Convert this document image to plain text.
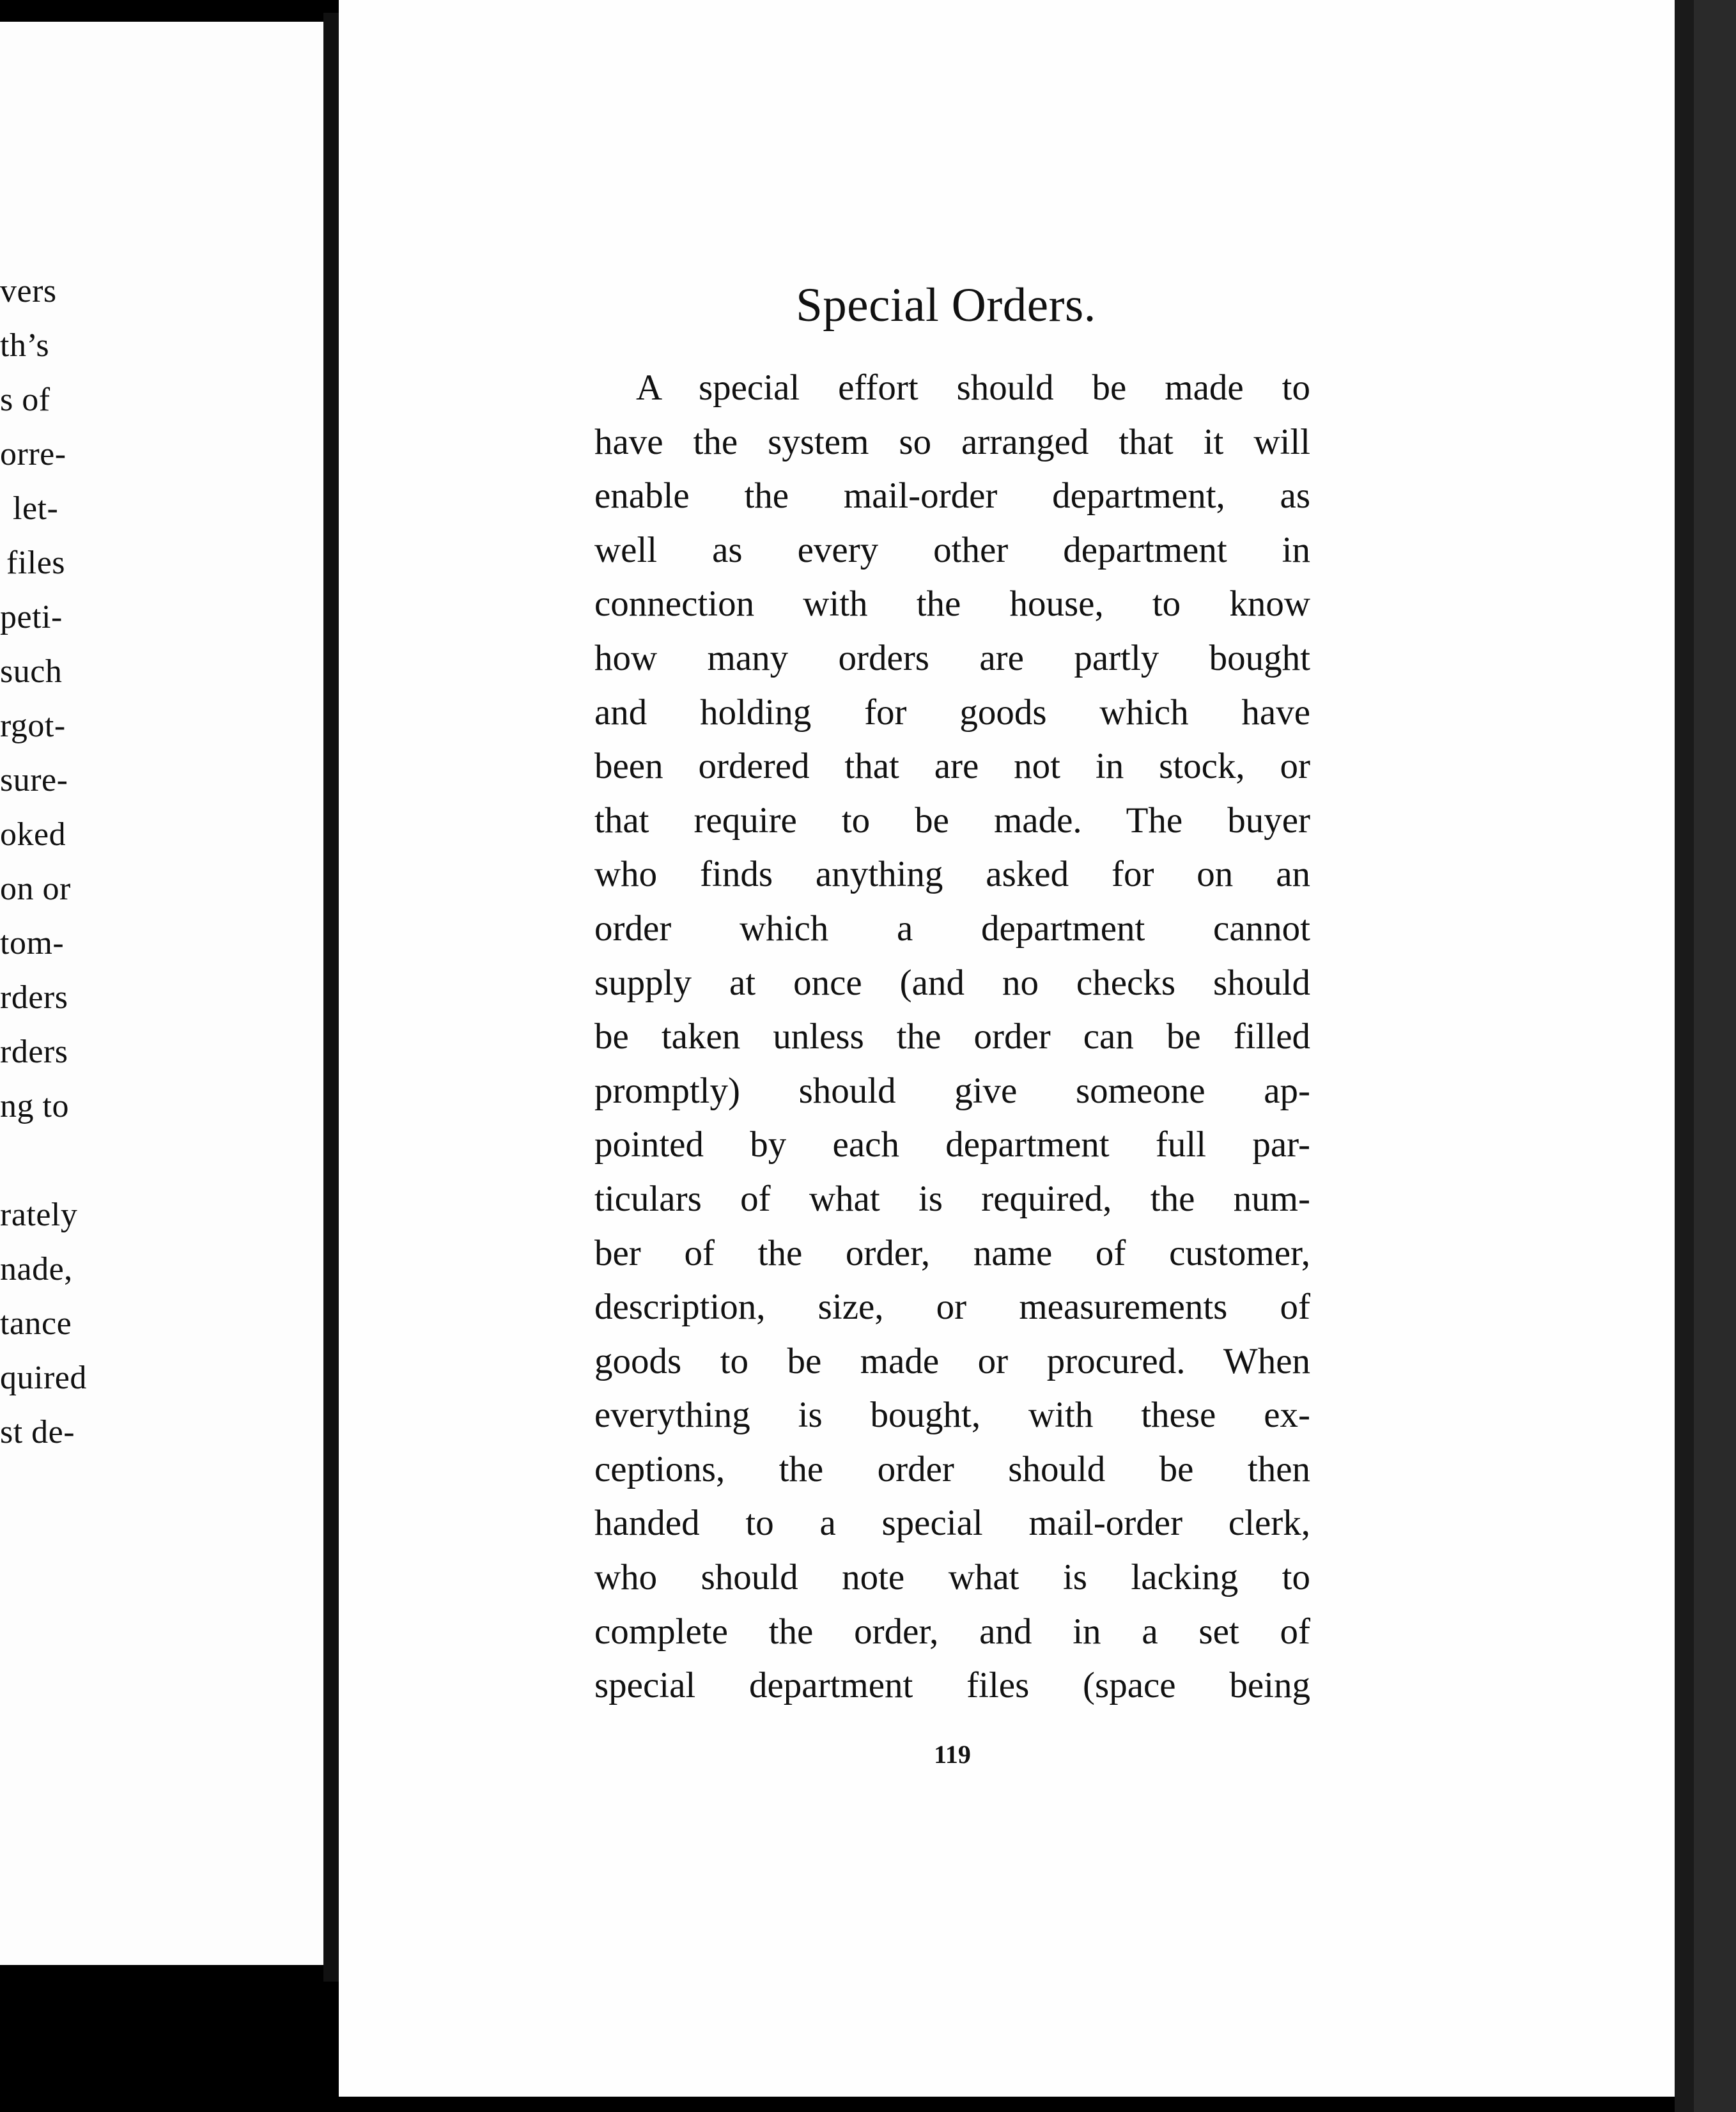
vers
th’s
s of
orre-
let-
files
peti-
such
rgot-
sure-
oked
on or
tom-
rders
rders
ng to
rately
nade,
tance
quired
st de-
Special Orders.
A special effort should be made to
have the system so arranged that it will
enable the mail-order department, as
well as every other department in
connection with the house, to know
how many orders are partly bought
and holding for goods which have
been ordered that are not in stock, or
that require to be made. The buyer
who finds anything asked for on an
order which a department cannot
supply at once (and no checks should
be taken unless the order can be filled
promptly) should give someone ap-
pointed by each department full par-
ticulars of what is required, the num-
ber of the order, name of customer,
description, size, or measurements of
goods to be made or procured. When
everything is bought, with these ex-
ceptions, the order should be then
handed to a special mail-order clerk,
who should note what is lacking to
complete the order, and in a set of
special department files (space being
119
